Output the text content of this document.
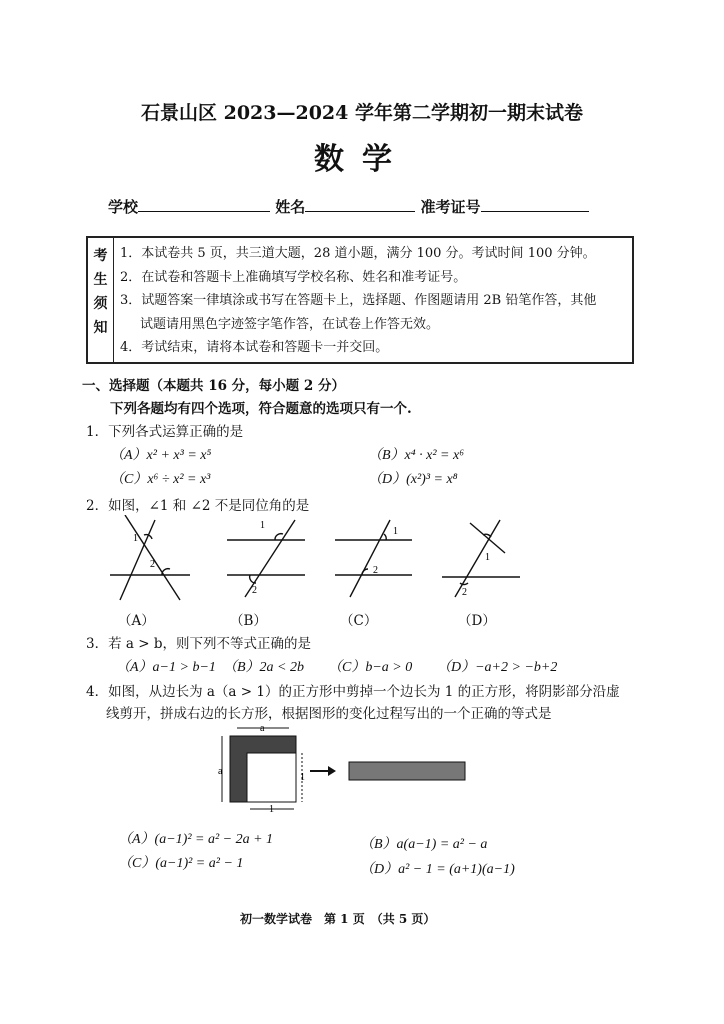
石景山区 2023—2024 学年第二学期初一期末试卷
数学
学校	姓名	准考证号
考
生
须
知
1．本试卷共 5 页，共三道大题，28 道小题，满分 100 分。考试时间 100 分钟。
2．在试卷和答题卡上准确填写学校名称、姓名和准考证号。
3．试题答案一律填涂或书写在答题卡上，选择题、作图题请用 2B 铅笔作答，其他
试题请用黑色字迹签字笔作答，在试卷上作答无效。
4．考试结束，请将本试卷和答题卡一并交回。
一、选择题（本题共 16 分，每小题 2 分）
下列各题均有四个选项，符合题意的选项只有一个.
1．下列各式运算正确的是
（A）x² + x³ = x⁵	（B）x⁴ · x² = x⁶
（C）x⁶ ÷ x² = x³	（D）(x²)³ = x⁸
2．如图，∠1 和 ∠2 不是同位角的是
1
2
1
2
1
2
1
2
（A）	（B）	（C）	（D）
3．若 a > b，则下列不等式正确的是
（A）a−1 > b−1 （B）2a < 2b （C）b−a > 0 （D）−a+2 > −b+2
4．如图，从边长为 a（a > 1）的正方形中剪掉一个边长为 1 的正方形，将阴影部分沿虚
线剪开，拼成右边的长方形，根据图形的变化过程写出的一个正确的等式是
a
a
1
1
（A）(a−1)² = a² − 2a + 1	（B）a(a−1) = a² − a
（C）(a−1)² = a² − 1	（D）a² − 1 = (a+1)(a−1)
初一数学试卷　第 1 页　（共 5 页）
